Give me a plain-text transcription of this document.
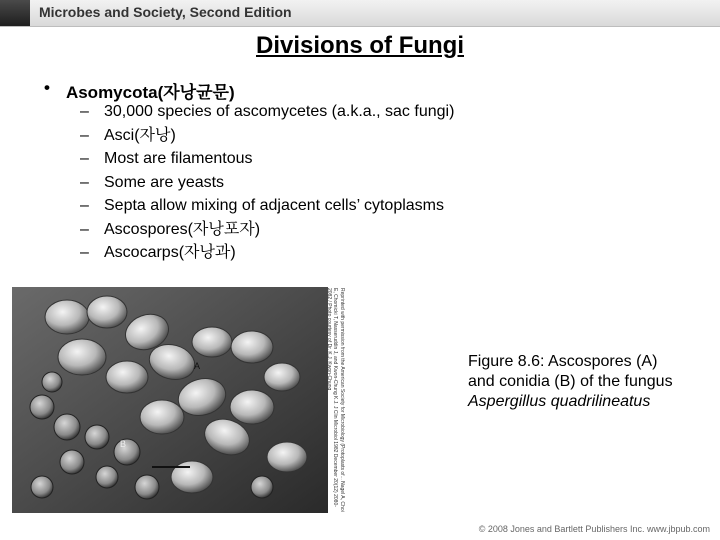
Microbes and Society, Second Edition
Divisions of Fungi
• Asomycota(자낭균문)
– 30,000 species of ascomycetes (a.k.a., sac fungi)
– Asci(자낭)
– Most are filamentous
– Some are yeasts
– Septa allow mixing of adjacent cells’ cytoplasms
– Ascospores(자낭포자)
– Ascocarps(자낭과)
A
B	Reprinted with permission from the American Society for Microbiology (Protoplasts of... Nagel A, Choi E, Chomicki T, Nasseruddin J, and Kwon-Chung K.J. J Clin Microbiol 1982 December 20(12) 2080-2082 / Photo courtesy of Dr. K.J. Kwon-Chung	Figure 8.6: Ascospores (A) and conidia (B) of the fungus Aspergillus quadrilineatus
© 2008 Jones and Bartlett Publishers Inc. www.jbpub.com
